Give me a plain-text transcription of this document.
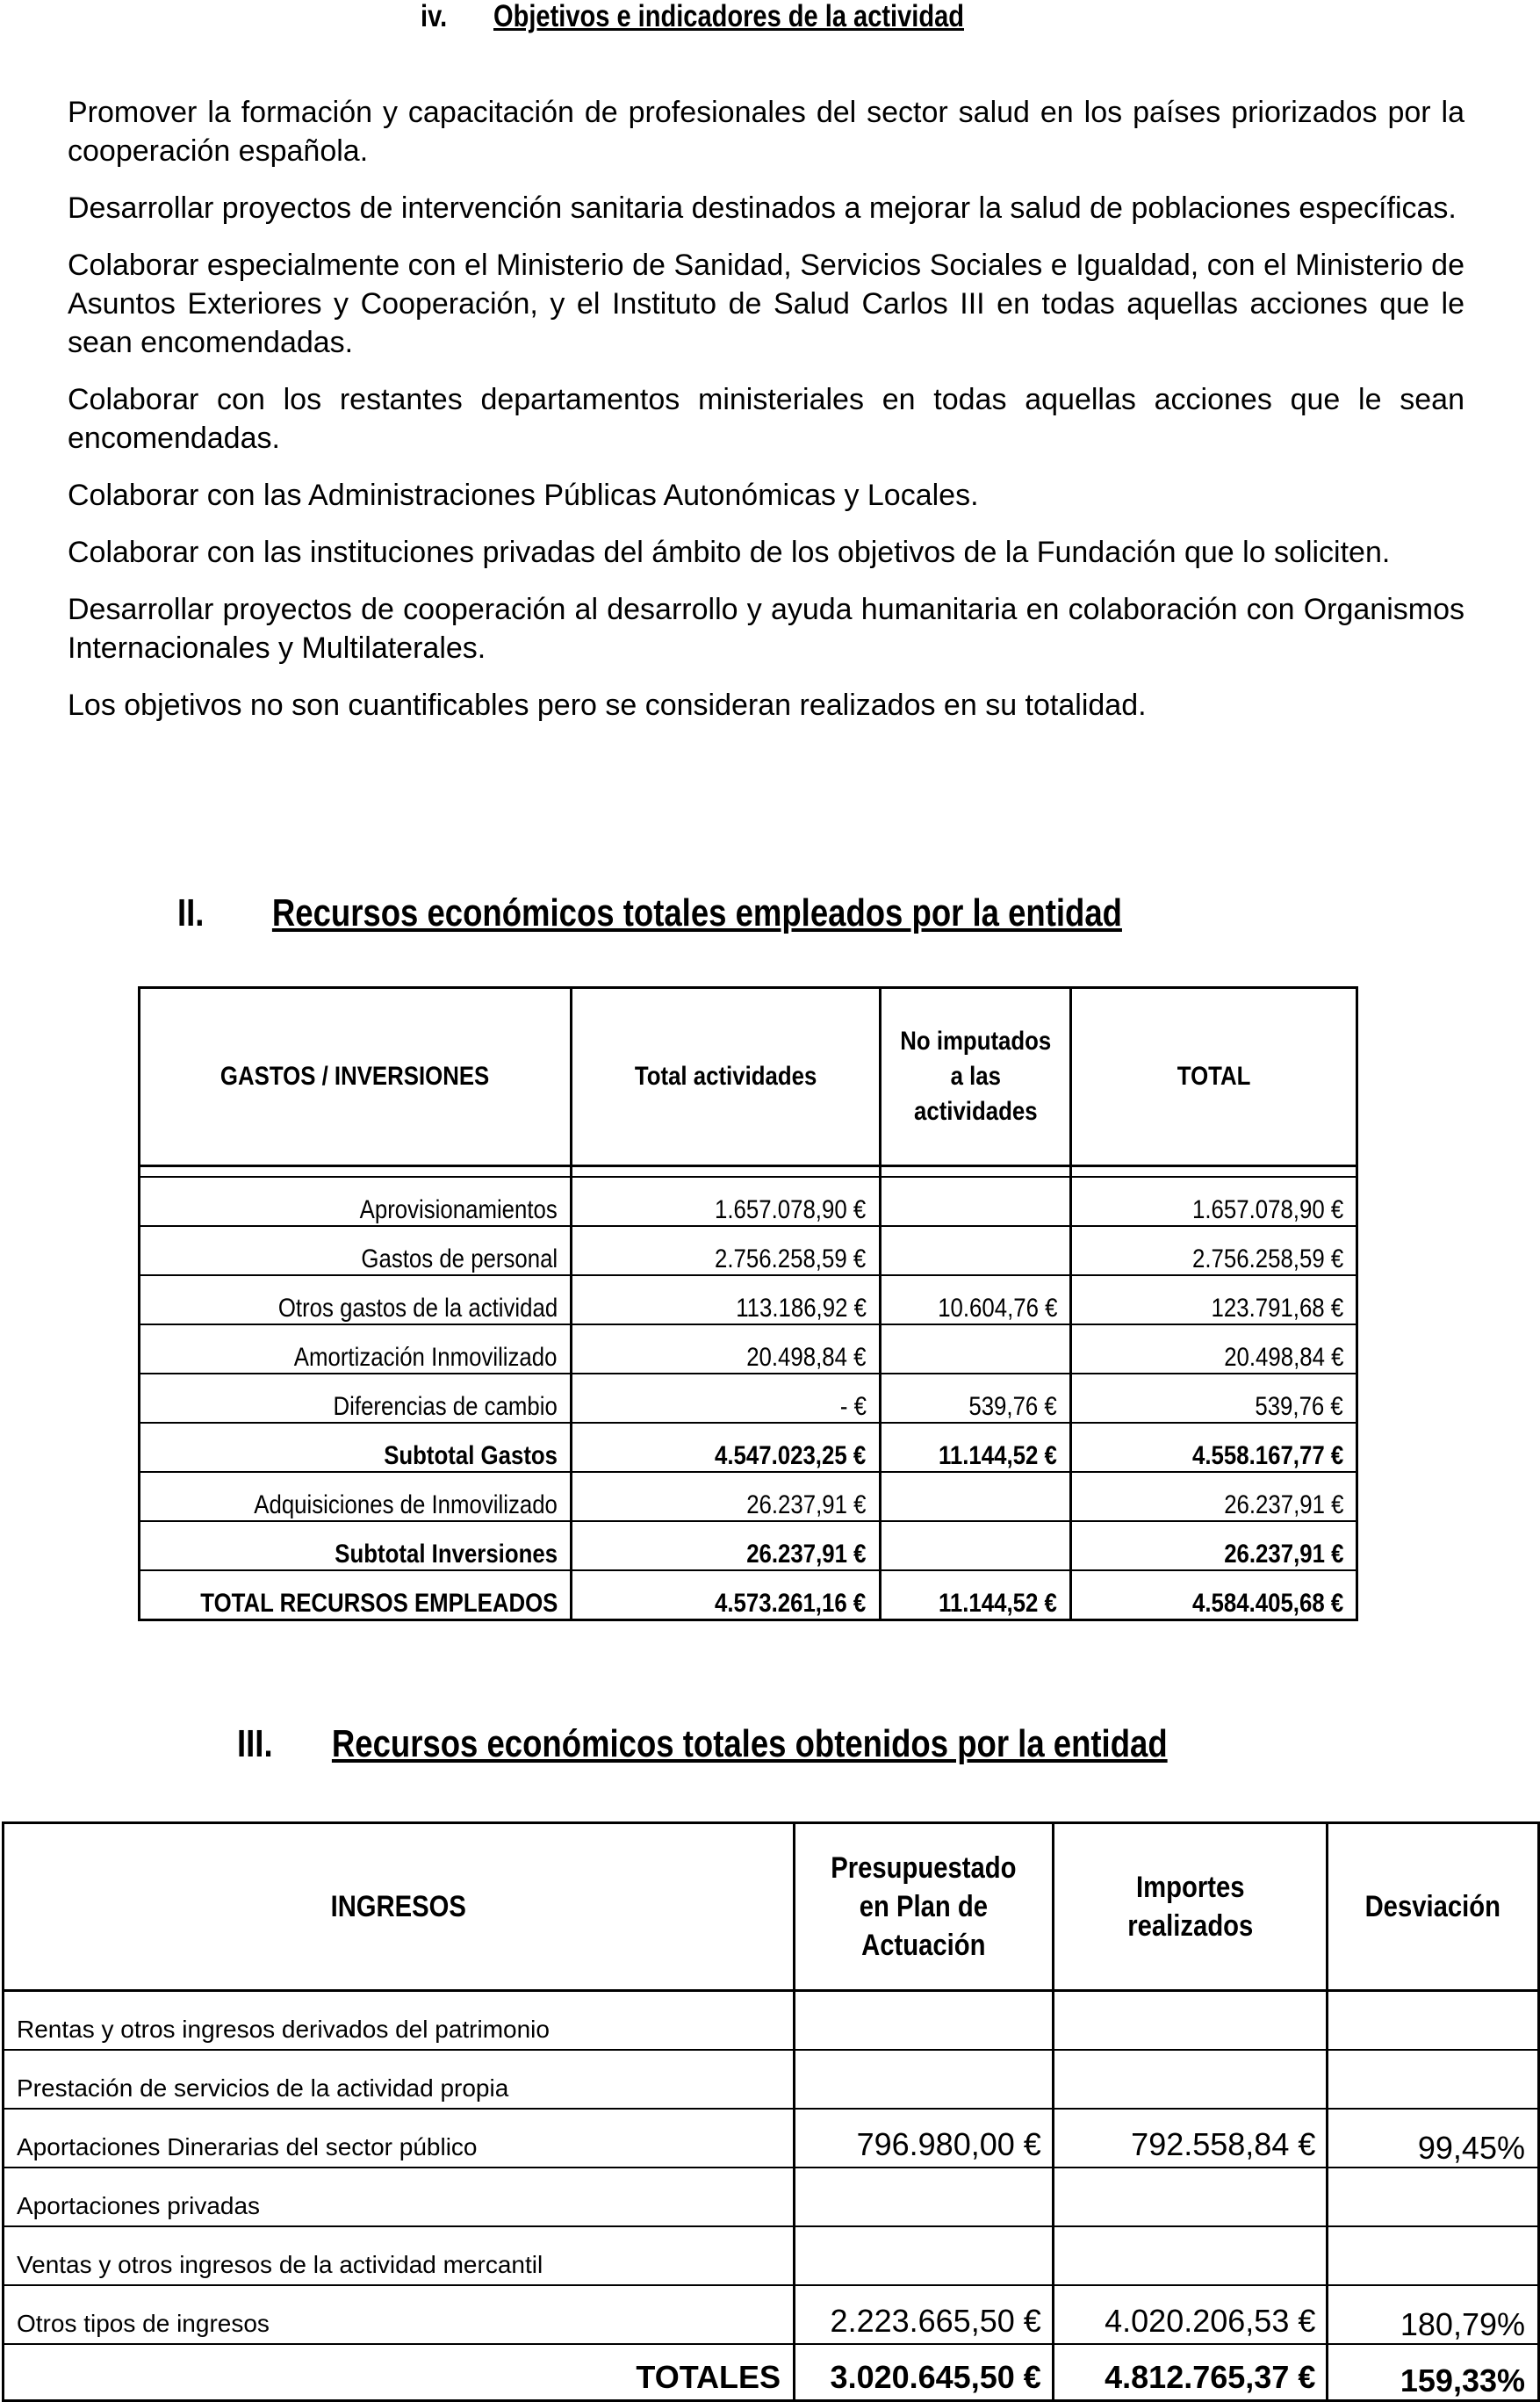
iv. Objetivos e indicadores de la actividad

Promover la formación y capacitación de profesionales del sector salud en los países priorizados por la cooperación española.

Desarrollar proyectos de intervención sanitaria destinados a mejorar la salud de poblaciones específicas.

Colaborar especialmente con el Ministerio de Sanidad, Servicios Sociales e Igualdad, con el Ministerio de Asuntos Exteriores y Cooperación, y el Instituto de Salud Carlos III en todas aquellas acciones que le sean encomendadas.

Colaborar con los restantes departamentos ministeriales en todas aquellas acciones que le sean encomendadas.

Colaborar con las Administraciones Públicas Autonómicas y Locales.

Colaborar con las instituciones privadas del ámbito de los objetivos de la Fundación que lo soliciten.

Desarrollar proyectos de cooperación al desarrollo y ayuda humanitaria en colaboración con Organismos Internacionales y Multilaterales.

Los objetivos no son cuantificables pero se consideran realizados en su totalidad.

II. Recursos económicos totales empleados por la entidad
GASTOS / INVERSIONES	Total actividades	No imputados a las actividades	TOTAL

Aprovisionamientos	1.657.078,90 €		1.657.078,90 €
Gastos de personal	2.756.258,59 €		2.756.258,59 €
Otros gastos de la actividad	113.186,92 €	10.604,76 €	123.791,68 €
Amortización Inmovilizado	20.498,84 €		20.498,84 €
Diferencias de cambio	- €	539,76 €	539,76 €
Subtotal Gastos	4.547.023,25 €	11.144,52 €	4.558.167,77 €
Adquisiciones de Inmovilizado	26.237,91 €		26.237,91 €
Subtotal Inversiones	26.237,91 €		26.237,91 €
TOTAL RECURSOS EMPLEADOS	4.573.261,16 €	11.144,52 €	4.584.405,68 €
III. Recursos económicos totales obtenidos por la entidad
INGRESOS	Presupuestado en Plan de Actuación	Importes realizados	Desviación
Rentas y otros ingresos derivados del patrimonio			
Prestación de servicios de la actividad propia			
Aportaciones Dinerarias del sector público	796.980,00 €	792.558,84 €	99,45%
Aportaciones privadas			
Ventas y otros ingresos de la actividad mercantil			
Otros tipos de ingresos	2.223.665,50 €	4.020.206,53 €	180,79%
TOTALES	3.020.645,50 €	4.812.765,37 €	159,33%
